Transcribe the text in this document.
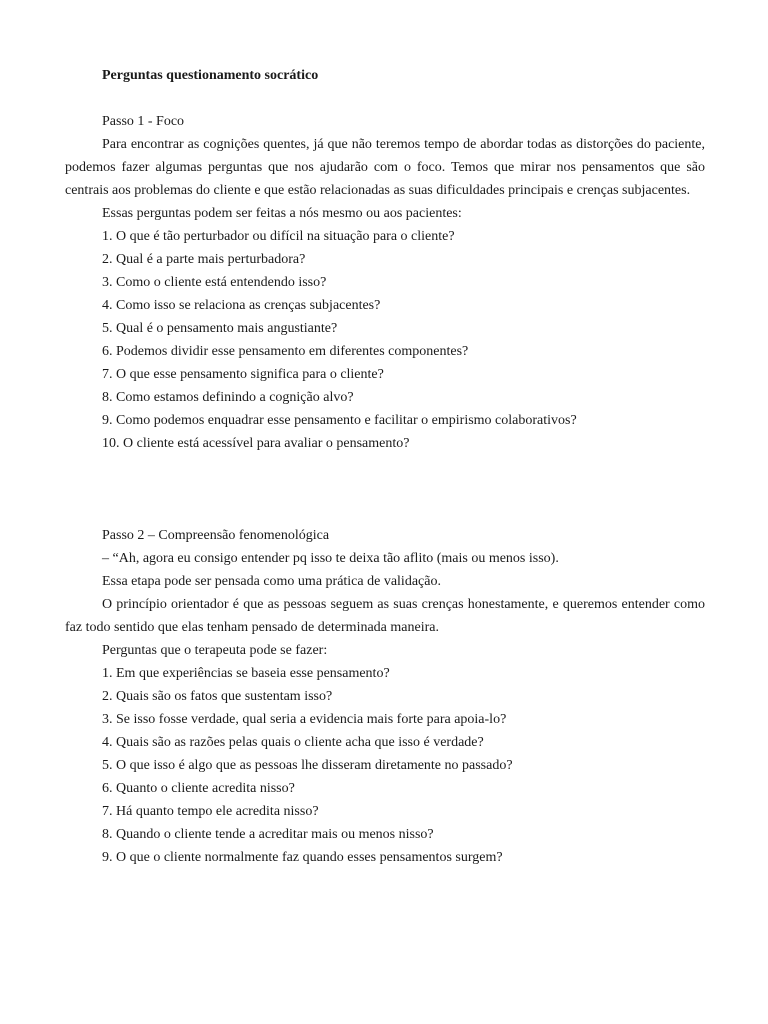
Perguntas questionamento socrático

Passo 1 - Foco

Para encontrar as cognições quentes, já que não teremos tempo de abordar todas as distorções do paciente, podemos fazer algumas perguntas que nos ajudarão com o foco. Temos que mirar nos pensamentos que são centrais aos problemas do cliente e que estão relacionadas as suas dificuldades principais e crenças subjacentes.

Essas perguntas podem ser feitas a nós mesmo ou aos pacientes:

1. O que é tão perturbador ou difícil na situação para o cliente?
2. Qual é a parte mais perturbadora?
3. Como o cliente está entendendo isso?
4. Como isso se relaciona as crenças subjacentes?
5. Qual é o pensamento mais angustiante?
6. Podemos dividir esse pensamento em diferentes componentes?
7. O que esse pensamento significa para o cliente?
8. Como estamos definindo a cognição alvo?
9. Como podemos enquadrar esse pensamento e facilitar o empirismo colaborativos?
10. O cliente está acessível para avaliar o pensamento?

Passo 2 – Compreensão fenomenológica

– “Ah, agora eu consigo entender pq isso te deixa tão aflito (mais ou menos isso).

Essa etapa pode ser pensada como uma prática de validação.

O princípio orientador é que as pessoas seguem as suas crenças honestamente, e queremos entender como faz todo sentido que elas tenham pensado de determinada maneira.

Perguntas que o terapeuta pode se fazer:

1. Em que experiências se baseia esse pensamento?
2. Quais são os fatos que sustentam isso?
3. Se isso fosse verdade, qual seria a evidencia mais forte para apoia-lo?
4. Quais são as razões pelas quais o cliente acha que isso é verdade?
5. O que isso é algo que as pessoas lhe disseram diretamente no passado?
6. Quanto o cliente acredita nisso?
7. Há quanto tempo ele acredita nisso?
8. Quando o cliente tende a acreditar mais ou menos nisso?
9. O que o cliente normalmente faz quando esses pensamentos surgem?
